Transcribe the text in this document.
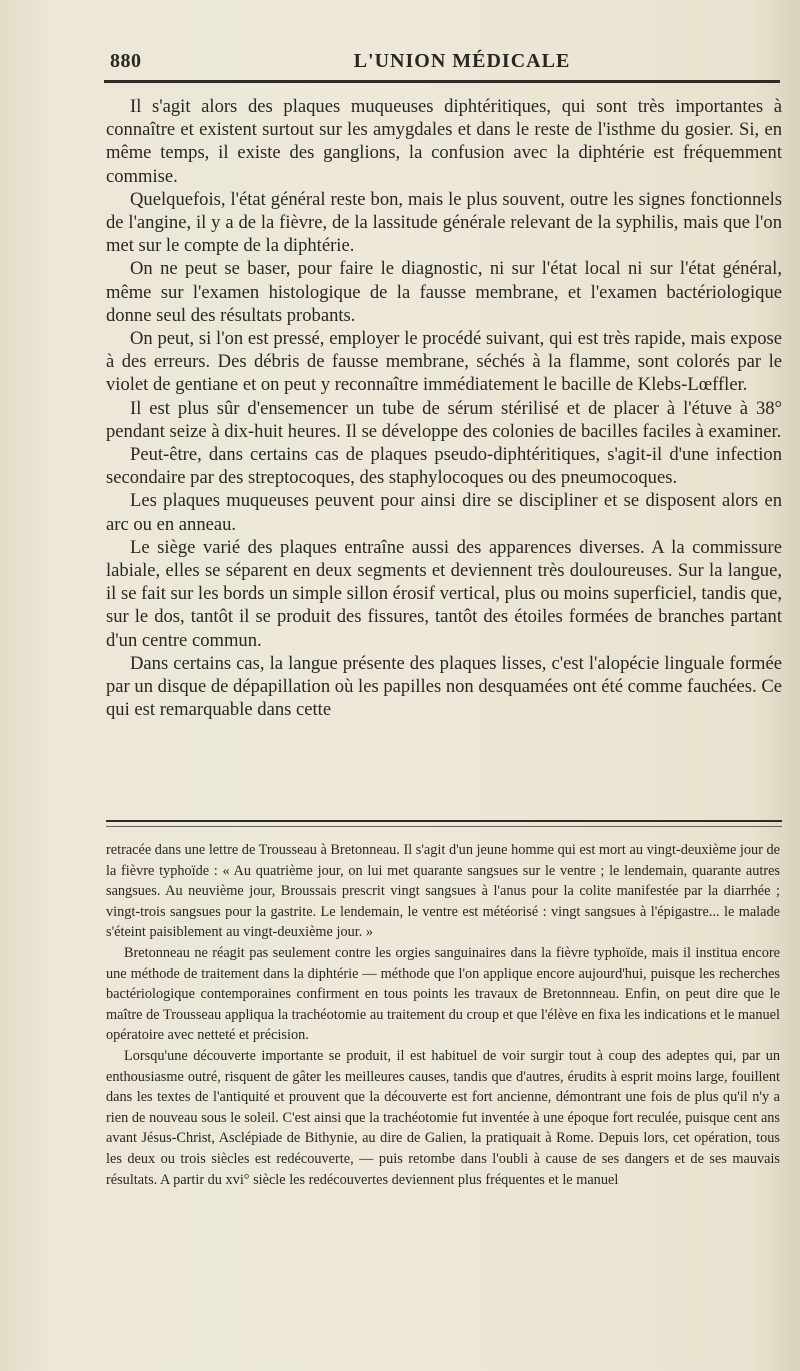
880	L'UNION MÉDICALE

Il s'agit alors des plaques muqueuses diphtéritiques, qui sont très importantes à connaître et existent surtout sur les amygdales et dans le reste de l'isthme du gosier. Si, en même temps, il existe des ganglions, la confusion avec la diphtérie est fréquemment commise.

Quelquefois, l'état général reste bon, mais le plus souvent, outre les signes fonctionnels de l'angine, il y a de la fièvre, de la lassitude générale relevant de la syphilis, mais que l'on met sur le compte de la diphtérie.

On ne peut se baser, pour faire le diagnostic, ni sur l'état local ni sur l'état général, même sur l'examen histologique de la fausse membrane, et l'examen bactériologique donne seul des résultats probants.

On peut, si l'on est pressé, employer le procédé suivant, qui est très rapide, mais expose à des erreurs. Des débris de fausse membrane, séchés à la flamme, sont colorés par le violet de gentiane et on peut y reconnaître immédiatement le bacille de Klebs-Lœffler.

Il est plus sûr d'ensemencer un tube de sérum stérilisé et de placer à l'étuve à 38° pendant seize à dix-huit heures. Il se développe des colonies de bacilles faciles à examiner.

Peut-être, dans certains cas de plaques pseudo-diphtéritiques, s'agit-il d'une infection secondaire par des streptocoques, des staphylocoques ou des pneumocoques.

Les plaques muqueuses peuvent pour ainsi dire se discipliner et se disposent alors en arc ou en anneau.

Le siège varié des plaques entraîne aussi des apparences diverses. A la commissure labiale, elles se séparent en deux segments et deviennent très douloureuses. Sur la langue, il se fait sur les bords un simple sillon érosif vertical, plus ou moins superficiel, tandis que, sur le dos, tantôt il se produit des fissures, tantôt des étoiles formées de branches partant d'un centre commun.

Dans certains cas, la langue présente des plaques lisses, c'est l'alopécie linguale formée par un disque de dépapillation où les papilles non desquamées ont été comme fauchées. Ce qui est remarquable dans cette

retracée dans une lettre de Trousseau à Bretonneau. Il s'agit d'un jeune homme qui est mort au vingt-deuxième jour de la fièvre typhoïde : « Au quatrième jour, on lui met quarante sangsues sur le ventre ; le lendemain, quarante autres sangsues. Au neuvième jour, Broussais prescrit vingt sangsues à l'anus pour la colite manifestée par la diarrhée ; vingt-trois sangsues pour la gastrite. Le lendemain, le ventre est météorisé : vingt sangsues à l'épigastre... le malade s'éteint paisiblement au vingt-deuxième jour. »

Bretonneau ne réagit pas seulement contre les orgies sanguinaires dans la fièvre typhoïde, mais il institua encore une méthode de traitement dans la diphtérie — méthode que l'on applique encore aujourd'hui, puisque les recherches bactériologique contemporaines confirment en tous points les travaux de Bretonnneau. Enfin, on peut dire que le maître de Trousseau appliqua la trachéotomie au traitement du croup et que l'élève en fixa les indications et le manuel opératoire avec netteté et précision.

Lorsqu'une découverte importante se produit, il est habituel de voir surgir tout à coup des adeptes qui, par un enthousiasme outré, risquent de gâter les meilleures causes, tandis que d'autres, érudits à esprit moins large, fouillent dans les textes de l'antiquité et prouvent que la découverte est fort ancienne, démontrant une fois de plus qu'il n'y a rien de nouveau sous le soleil. C'est ainsi que la trachéotomie fut inventée à une époque fort reculée, puisque cent ans avant Jésus-Christ, Asclépiade de Bithynie, au dire de Galien, la pratiquait à Rome. Depuis lors, cet opération, tous les deux ou trois siècles est redécouverte, — puis retombe dans l'oubli à cause de ses dangers et de ses mauvais résultats. A partir du xvi° siècle les redécouvertes deviennent plus fréquentes et le manuel
